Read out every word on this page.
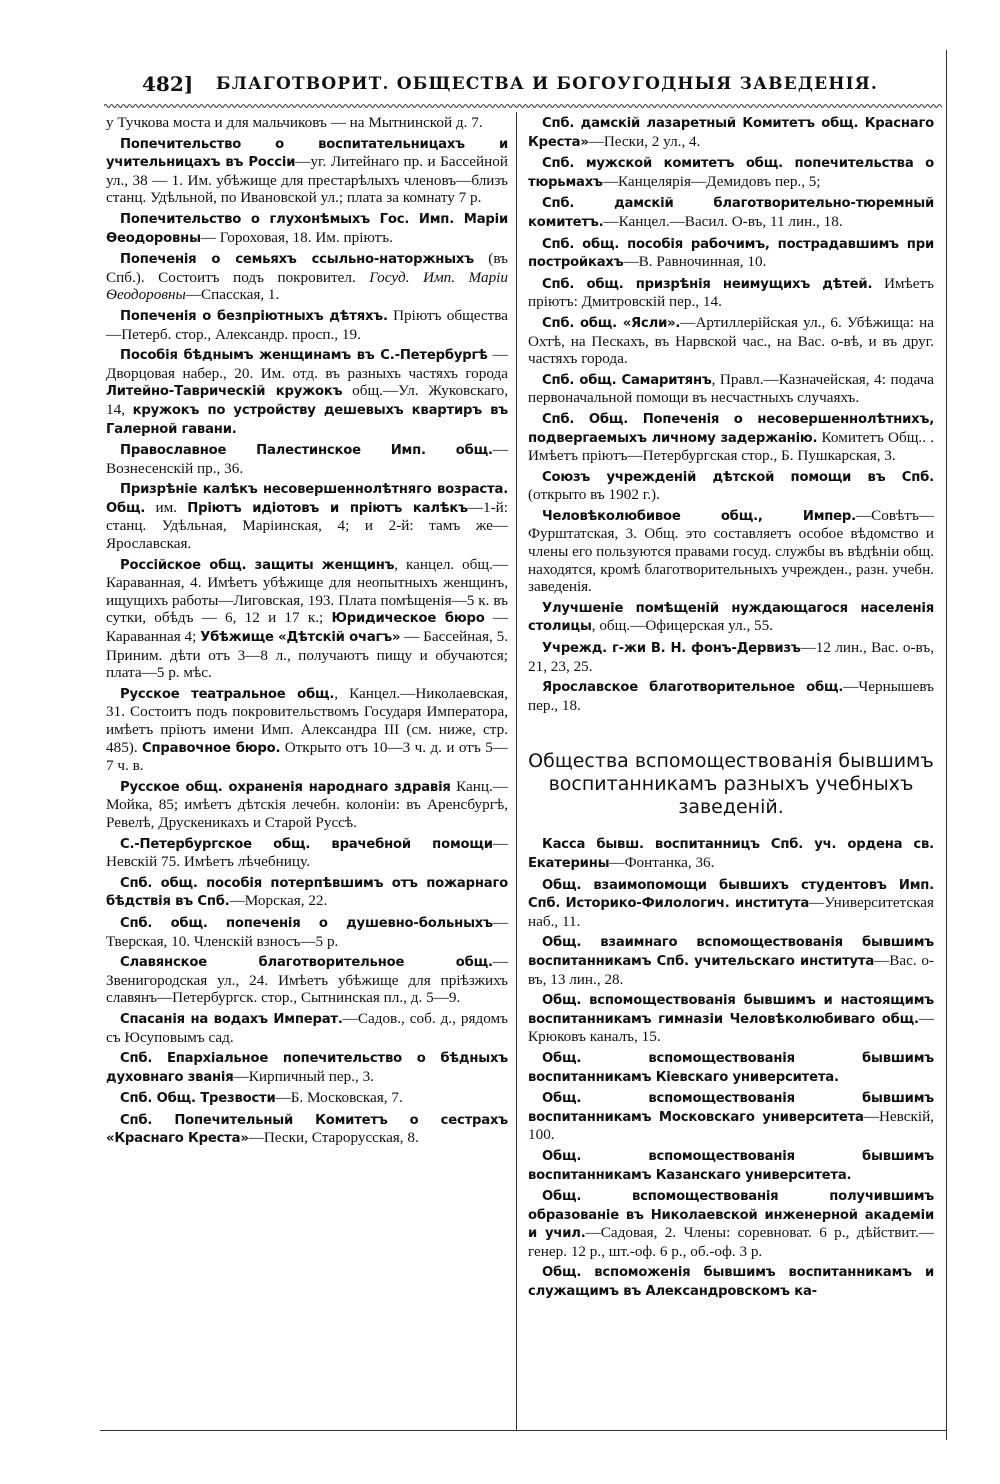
482] БЛАГОТВОРИТ. ОБЩЕСТВА И БОГОУГОДНЫЯ ЗАВЕДЕНІЯ.

у Тучкова моста и для мальчиковъ — на Мытнинской д. 7.

Попечительство о воспитательницахъ и учительницахъ въ Россіи—уг. Литейнаго пр. и Бассейной ул., 38 — 1. Им. убѣжище для престарѣлыхъ членовъ—близъ станц. Удѣльной, по Ивановской ул.; плата за комнату 7 р.

Попечительство о глухонѣмыхъ Гос. Имп. Маріи Ѳеодоровны— Гороховая, 18. Им. пріютъ.

Попеченія о семьяхъ ссыльно-наторжныхъ (въ Спб.). Состоитъ подъ покровител. Госуд. Имп. Маріи Ѳеодоровны—Спасская, 1.

Попеченія о безпріютныхъ дѣтяхъ. Пріютъ общества—Петерб. стор., Александр. просп., 19.

Пособія бѣднымъ женщинамъ въ С.-Петербургѣ — Дворцовая набер., 20. Им. отд. въ разныхъ частяхъ города Литейно-Таврическій кружокъ общ.—Ул. Жуковскаго, 14, кружокъ по устройству дешевыхъ квартиръ въ Галерной гавани.

Православное Палестинское Имп. общ.—Вознесенскій пр., 36.

Призрѣніе калѣкъ несовершеннолѣтняго возраста. Общ. им. Пріютъ идіотовъ и пріютъ калѣкъ—1-й: станц. Удѣльная, Маріинская, 4; и 2-й: тамъ же—Ярославская.

Россійское общ. защиты женщинъ, канцел. общ.—Караванная, 4. Имѣетъ убѣжище для неопытныхъ женщинъ, ищущихъ работы—Лиговская, 193. Плата помѣщенія—5 к. въ сутки, обѣдъ — 6, 12 и 17 к.; Юридическое бюро — Караванная 4; Убѣжище «Дѣтскій очагъ» — Бассейная, 5. Приним. дѣти отъ 3—8 л., получаютъ пищу и обучаются; плата—5 р. мѣс.

Русское театральное общ., Канцел.—Николаевская, 31. Состоитъ подъ покровительствомъ Государя Императора, имѣетъ пріютъ имени Имп. Александра III (см. ниже, стр. 485). Справочное бюро. Открыто отъ 10—3 ч. д. и отъ 5—7 ч. в.

Русское общ. охраненія народнаго здравія Канц.—Мойка, 85; имѣетъ дѣтскія лечебн. колоніи: въ Аренсбургѣ, Ревелѣ, Друскеникахъ и Старой Руссѣ.

С.-Петербургское общ. врачебной помощи—Невскій 75. Имѣетъ лѣчебницу.

Спб. общ. пособія потерпѣвшимъ отъ пожарнаго бѣдствія въ Спб.—Морская, 22.

Спб. общ. попеченія о душевно-больныхъ—Тверская, 10. Членскій взносъ—5 р.

Славянское благотворительное общ.—Звенигородская ул., 24. Имѣетъ убѣжище для пріѣзжихъ славянъ—Петербургск. стор., Сытнинская пл., д. 5—9.

Спасанія на водахъ Императ.—Садов., соб. д., рядомъ съ Юсуповымъ сад.

Спб. Епархіальное попечительство о бѣдныхъ духовнаго званія—Кирпичный пер., 3.

Спб. Общ. Трезвости—Б. Московская, 7.

Спб. Попечительный Комитетъ о сестрахъ «Краснаго Креста»—Пески, Старорусская, 8.

Спб. дамскій лазаретный Комитетъ общ. Краснаго Креста»—Пески, 2 ул., 4.

Спб. мужской комитетъ общ. попечительства о тюрьмахъ—Канцелярія—Демидовъ пер., 5;

Спб. дамскій благотворительно-тюремный комитетъ.—Канцел.—Васил. О-въ, 11 лин., 18.

Спб. общ. пособія рабочимъ, пострадавшимъ при постройкахъ—В. Равночинная, 10.

Спб. общ. призрѣнія неимущихъ дѣтей. Имѣетъ пріютъ: Дмитровскій пер., 14.

Спб. общ. «Ясли».—Артиллерійская ул., 6. Убѣжища: на Охтѣ, на Пескахъ, въ Нарвской час., на Вас. о-вѣ, и въ друг. частяхъ города.

Спб. общ. Самаритянъ, Правл.—Казначейская, 4: подача первоначальной помощи въ несчастныхъ случаяхъ.

Спб. Общ. Попеченія о несовершеннолѣтнихъ, подвергаемыхъ личному задержанію. Комитетъ Общ.. . Имѣетъ пріютъ—Петербургская стор., Б. Пушкарская, 3.

Союзъ учрежденій дѣтской помощи въ Спб. (открыто въ 1902 г.).

Человѣколюбивое общ., Импер.—Совѣтъ—Фурштатская, 3. Общ. это составляетъ особое вѣдомство и члены его пользуются правами госуд. службы въ вѣдѣніи общ. находятся, кромѣ благотворительныхъ учрежден., разн. учебн. заведенія.

Улучшеніе помѣщеній нуждающагося населенія столицы, общ.—Офицерская ул., 55.

Учрежд. г-жи В. Н. фонъ-Дервизъ—12 лин., Вас. о-въ, 21, 23, 25.

Ярославское благотворительное общ.—Чернышевъ пер., 18.

Общества вспомоществованія бывшимъ воспитанникамъ разныхъ учебныхъ заведеній.

Касса бывш. воспитанницъ Спб. уч. ордена св. Екатерины—Фонтанка, 36.

Общ. взаимопомощи бывшихъ студентовъ Имп. Спб. Историко-Филологич. института—Университетская наб., 11.

Общ. взаимнаго вспомоществованія бывшимъ воспитанникамъ Спб. учительскаго института—Вас. о-въ, 13 лин., 28.

Общ. вспомоществованія бывшимъ и настоящимъ воспитанникамъ гимназіи Человѣколюбиваго общ.—Крюковъ каналъ, 15.

Общ. вспомоществованія бывшимъ воспитанникамъ Кіевскаго университета.

Общ. вспомоществованія бывшимъ воспитанникамъ Московскаго университета—Невскій, 100.

Общ. вспомоществованія бывшимъ воспитанникамъ Казанскаго университета.

Общ. вспомоществованія получившимъ образованіе въ Николаевской инженерной академіи и учил.—Садовая, 2. Члены: соревноват. 6 р., дѣйствит.—генер. 12 р., шт.-оф. 6 р., об.-оф. 3 р.

Общ. вспоможенія бывшимъ воспитанникамъ и служащимъ въ Александровскомъ ка-
